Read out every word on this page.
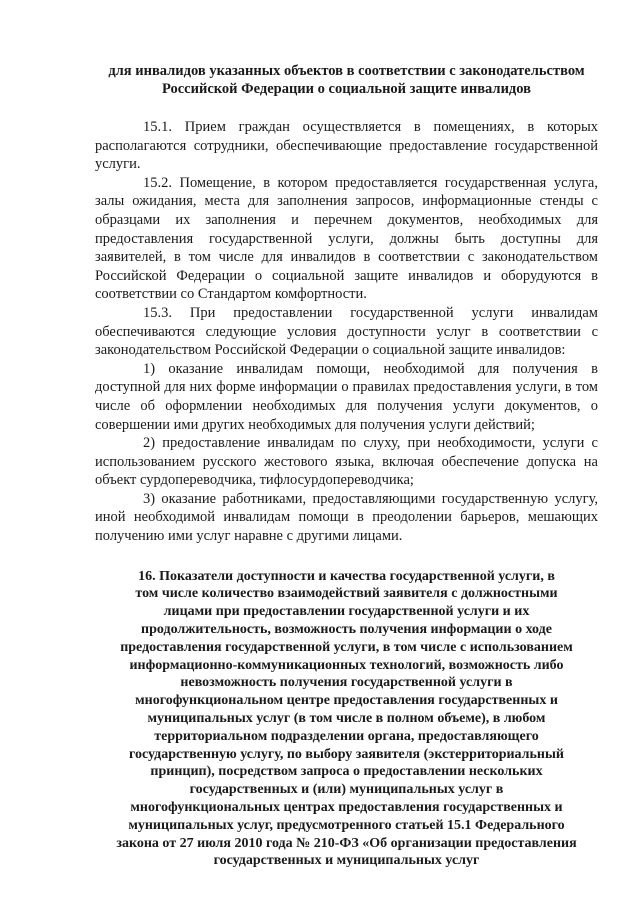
для инвалидов указанных объектов в соответствии с законодательством
Российской Федерации о социальной защите инвалидов

15.1. Прием граждан осуществляется в помещениях, в которых располагаются сотрудники, обеспечивающие предоставление государственной услуги.

15.2. Помещение, в котором предоставляется государственная услуга, залы ожидания, места для заполнения запросов, информационные стенды с образцами их заполнения и перечнем документов, необходимых для предоставления государственной услуги, должны быть доступны для заявителей, в том числе для инвалидов в соответствии с законодательством Российской Федерации о социальной защите инвалидов и оборудуются в соответствии со Стандартом комфортности.

15.3. При предоставлении государственной услуги инвалидам обеспечиваются следующие условия доступности услуг в соответствии с законодательством Российской Федерации о социальной защите инвалидов:

1) оказание инвалидам помощи, необходимой для получения в доступной для них форме информации о правилах предоставления услуги, в том числе об оформлении необходимых для получения услуги документов, о совершении ими других необходимых для получения услуги действий;

2) предоставление инвалидам по слуху, при необходимости, услуги с использованием русского жестового языка, включая обеспечение допуска на объект сурдопереводчика, тифлосурдопереводчика;

3) оказание работниками, предоставляющими государственную услугу, иной необходимой инвалидам помощи в преодолении барьеров, мешающих получению ими услуг наравне с другими лицами.

16. Показатели доступности и качества государственной услуги, в
том числе количество взаимодействий заявителя с должностными
лицами при предоставлении государственной услуги и их
продолжительность, возможность получения информации о ходе
предоставления государственной услуги, в том числе с использованием
информационно-коммуникационных технологий, возможность либо
невозможность получения государственной услуги в
многофункциональном центре предоставления государственных и
муниципальных услуг (в том числе в полном объеме), в любом
территориальном подразделении органа, предоставляющего
государственную услугу, по выбору заявителя (экстерриториальный
принцип), посредством запроса о предоставлении нескольких
государственных и (или) муниципальных услуг в
многофункциональных центрах предоставления государственных и
муниципальных услуг, предусмотренного статьей 15.1 Федерального
закона от 27 июля 2010 года № 210-ФЗ «Об организации предоставления
государственных и муниципальных услуг
